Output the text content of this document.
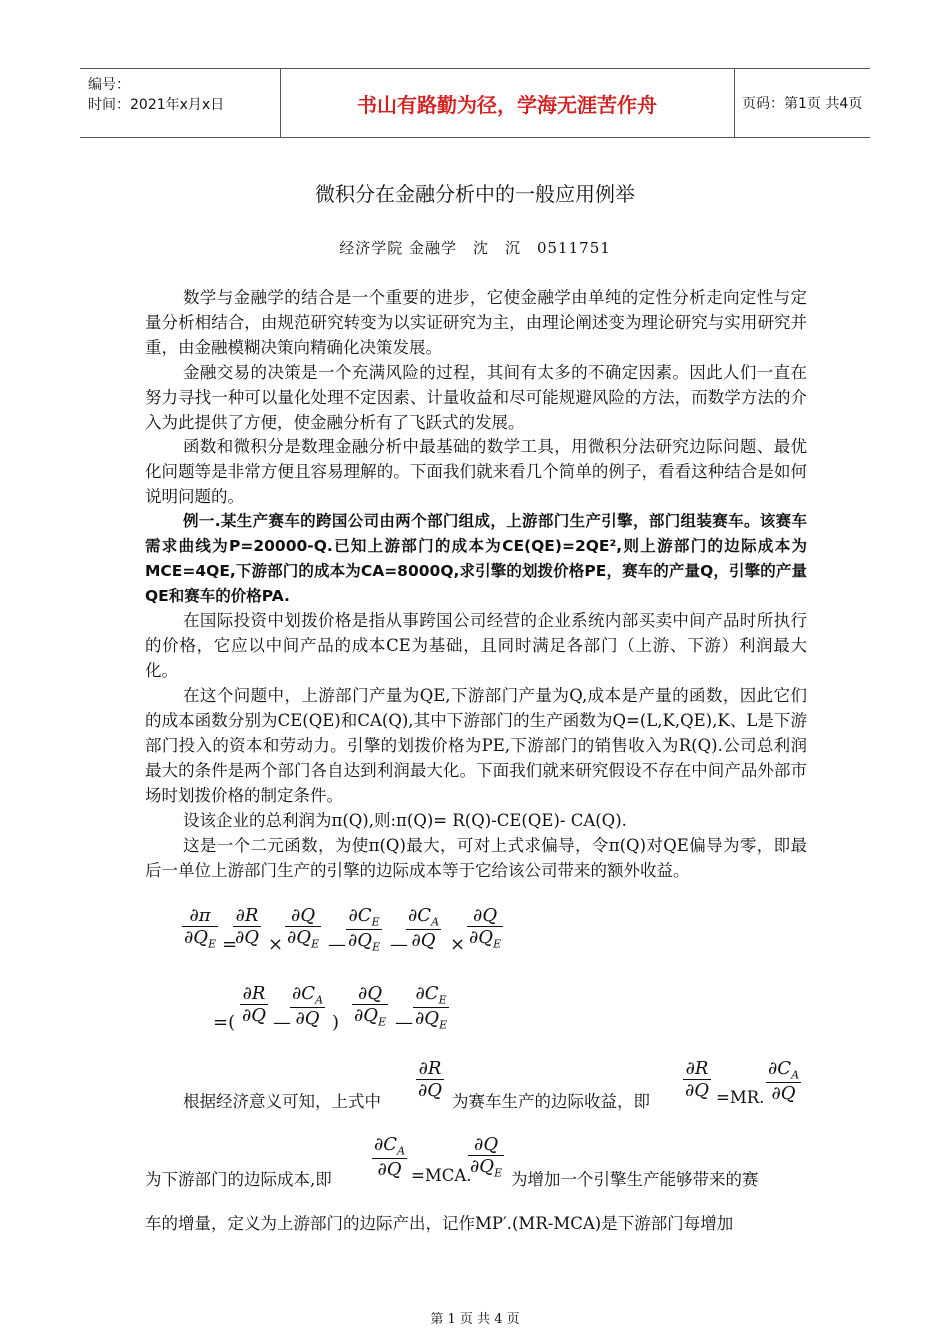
编号：
时间：2021年x月x日	书山有路勤为径，学海无涯苦作舟	页码：第1页 共4页
微积分在金融分析中的一般应用例举
经济学院 金融学　沈　沉　0511751

数学与金融学的结合是一个重要的进步，它使金融学由单纯的定性分析走向定性与定量分析相结合，由规范研究转变为以实证研究为主，由理论阐述变为理论研究与实用研究并重，由金融模糊决策向精确化决策发展。

金融交易的决策是一个充满风险的过程，其间有太多的不确定因素。因此人们一直在努力寻找一种可以量化处理不定因素、计量收益和尽可能规避风险的方法，而数学方法的介入为此提供了方便，使金融分析有了飞跃式的发展。

函数和微积分是数理金融分析中最基础的数学工具，用微积分法研究边际问题、最优化问题等是非常方便且容易理解的。下面我们就来看几个简单的例子，看看这种结合是如何说明问题的。

例一.某生产赛车的跨国公司由两个部门组成，上游部门生产引擎，部门组装赛车。该赛车需求曲线为P=20000-Q.已知上游部门的成本为CE(QE)=2QE²,则上游部门的边际成本为MCE=4QE,下游部门的成本为CA=8000Q,求引擎的划拨价格PE，赛车的产量Q，引擎的产量QE和赛车的价格PA.

在国际投资中划拨价格是指从事跨国公司经营的企业系统内部买卖中间产品时所执行的价格，它应以中间产品的成本CE为基础，且同时满足各部门（上游、下游）利润最大化。

在这个问题中，上游部门产量为QE,下游部门产量为Q,成本是产量的函数，因此它们的成本函数分别为CE(QE)和CA(Q),其中下游部门的生产函数为Q=(L,K,QE),K、L是下游部门投入的资本和劳动力。引擎的划拨价格为PE,下游部门的销售收入为R(Q).公司总利润最大的条件是两个部门各自达到利润最大化。下面我们就来研究假设不存在中间产品外部市场时划拨价格的制定条件。

设该企业的总利润为π(Q),则:π(Q)= R(Q)-CE(QE)- CA(Q).

这是一个二元函数，为使π(Q)最大，可对上式求偏导，令π(Q)对QE偏导为零，即最后一单位上游部门生产的引擎的边际成本等于它给该公司带来的额外收益。

$\frac{\partial\pi}{\partial Q_E}$ =
$\frac{\partial R}{\partial Q} \times \frac{\partial Q}{\partial Q_E}$ — $\frac{\partial C_E}{\partial Q_E}$ —
$\frac{\partial C_A}{\partial Q} \times \frac{\partial Q}{\partial Q_E}$
=( $\frac{\partial R}{\partial Q}$ — $\frac{\partial C_A}{\partial Q}$ ) $\frac{\partial Q}{\partial Q_E}$ — $\frac{\partial C_E}{\partial Q_E}$
根据经济意义可知，上式中
$\frac{\partial R}{\partial Q}$
为赛车生产的边际收益，即
$\frac{\partial R}{\partial Q} =MR$. $\frac{\partial C_A}{\partial Q}$
为下游部门的边际成本,即 $\frac{\partial C_A}{\partial Q} =MCA$.
$\frac{\partial Q}{\partial Q_E}$ 为增加一个引擎生产能够带来的赛
车的增量，定义为上游部门的边际产出，记作MP′.(MR-MCA)是下游部门每增加
第 1 页 共 4 页
